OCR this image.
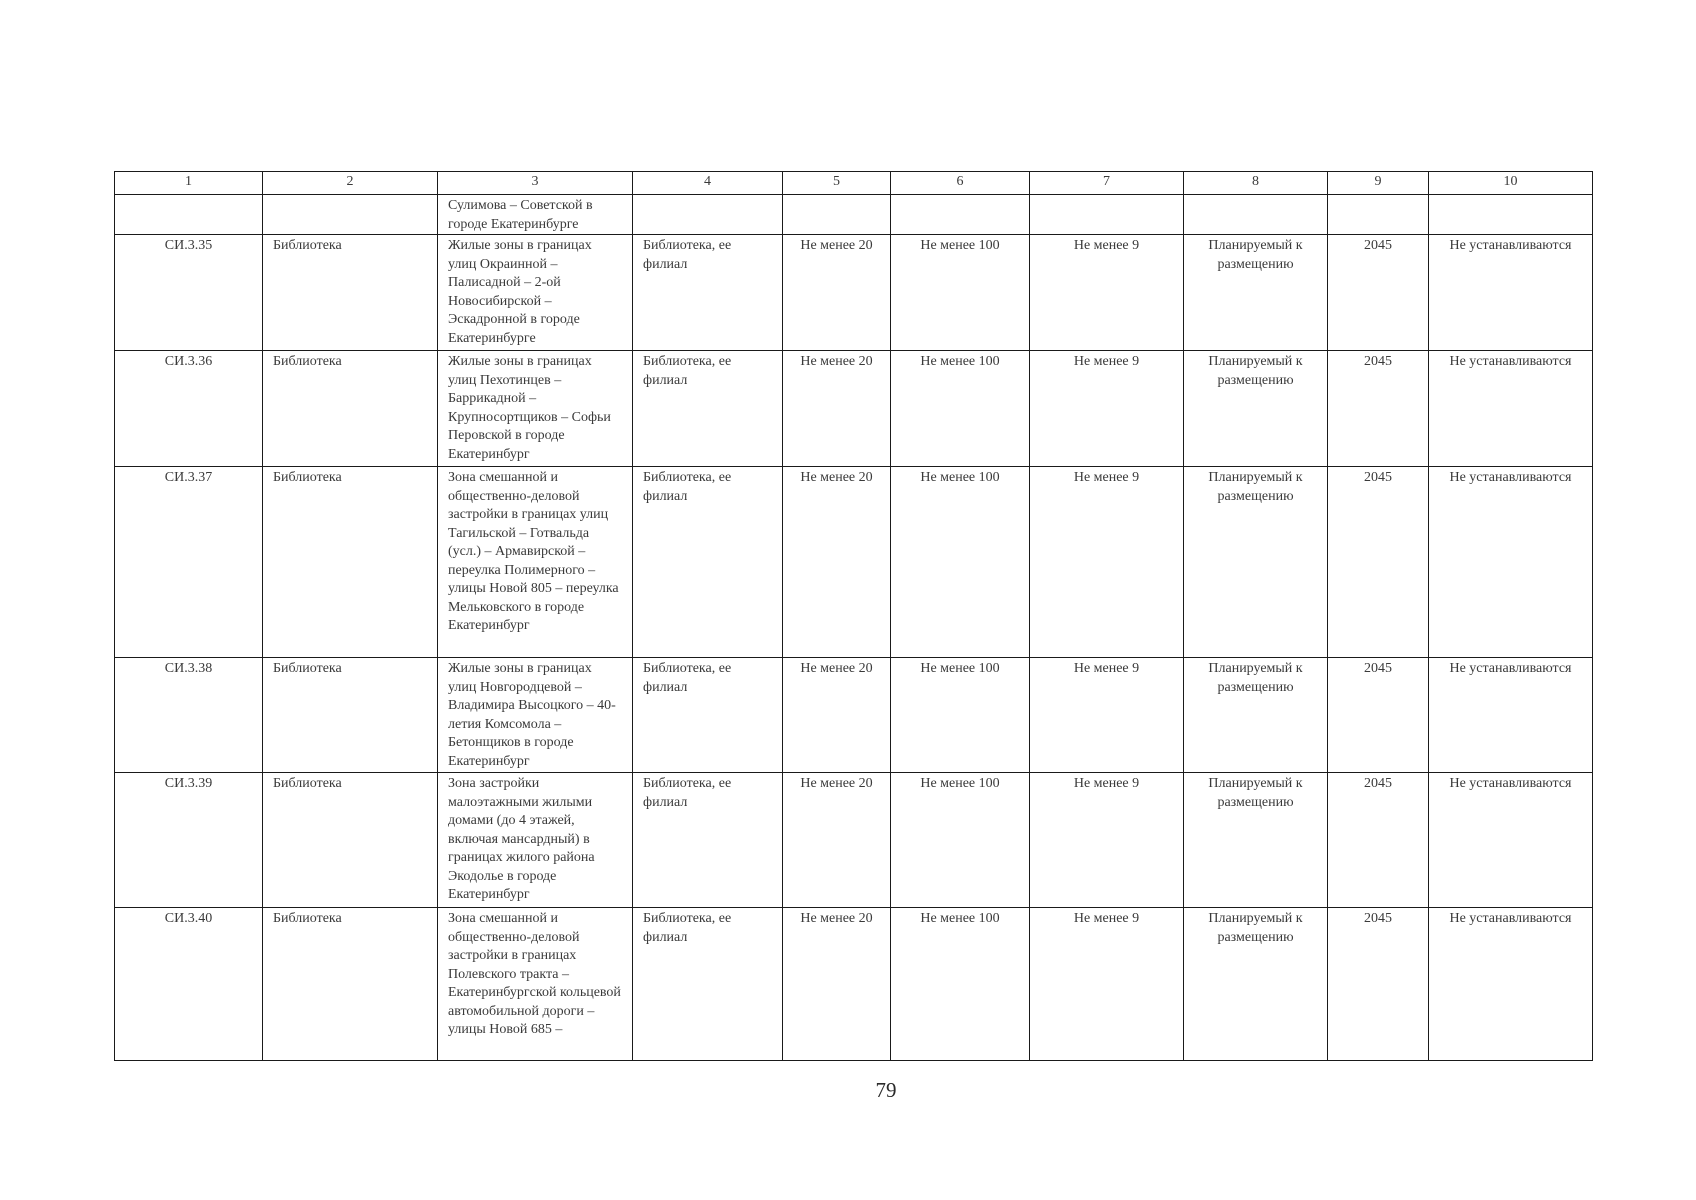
1	2	3	4	5	6	7	8	9	10
		Сулимова – Советской в городе Екатеринбурге							
СИ.3.35	Библиотека	Жилые зоны в границах улиц Окраинной – Палисадной – 2-ой Новосибирской – Эскадронной в городе Екатеринбурге	Библиотека, ее филиал	Не менее 20	Не менее 100	Не менее 9	Планируемый к размещению	2045	Не устанавливаются
СИ.3.36	Библиотека	Жилые зоны в границах улиц Пехотинцев – Баррикадной – Крупносортщиков – Софьи Перовской в городе Екатеринбург	Библиотека, ее филиал	Не менее 20	Не менее 100	Не менее 9	Планируемый к размещению	2045	Не устанавливаются
СИ.3.37	Библиотека	Зона смешанной и общественно-деловой застройки в границах улиц Тагильской – Готвальда (усл.) – Армавирской – переулка Полимерного – улицы Новой 805 – переулка Мельковского в городе Екатеринбург	Библиотека, ее филиал	Не менее 20	Не менее 100	Не менее 9	Планируемый к размещению	2045	Не устанавливаются
СИ.3.38	Библиотека	Жилые зоны в границах улиц Новгородцевой – Владимира Высоцкого – 40-летия Комсомола – Бетонщиков в городе Екатеринбург	Библиотека, ее филиал	Не менее 20	Не менее 100	Не менее 9	Планируемый к размещению	2045	Не устанавливаются
СИ.3.39	Библиотека	Зона застройки малоэтажными жилыми домами (до 4 этажей, включая мансардный) в границах жилого района Экодолье в городе Екатеринбург	Библиотека, ее филиал	Не менее 20	Не менее 100	Не менее 9	Планируемый к размещению	2045	Не устанавливаются
СИ.3.40	Библиотека	Зона смешанной и общественно-деловой застройки в границах Полевского тракта – Екатеринбургской кольцевой автомобильной дороги – улицы Новой 685 –	Библиотека, ее филиал	Не менее 20	Не менее 100	Не менее 9	Планируемый к размещению	2045	Не устанавливаются
79
